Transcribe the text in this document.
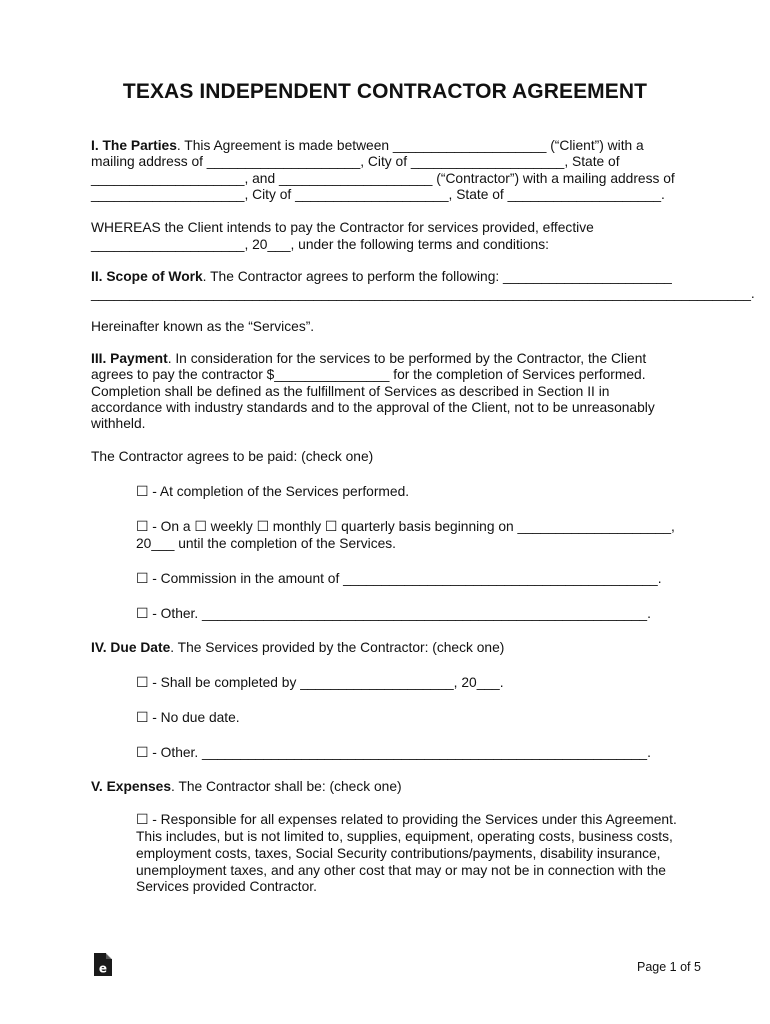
TEXAS INDEPENDENT CONTRACTOR AGREEMENT
I. The Parties. This Agreement is made between ____________________ (“Client”) with a
mailing address of ____________________, City of ____________________, State of
____________________, and ____________________ (“Contractor”) with a mailing address of
____________________, City of ____________________, State of ____________________.
WHEREAS the Client intends to pay the Contractor for services provided, effective
____________________, 20___, under the following terms and conditions:
II. Scope of Work. The Contractor agrees to perform the following: ______________________
______________________________________________________________________________________.
Hereinafter known as the “Services”.
III. Payment. In consideration for the services to be performed by the Contractor, the Client
agrees to pay the contractor $_______________ for the completion of Services performed.
Completion shall be defined as the fulfillment of Services as described in Section II in
accordance with industry standards and to the approval of the Client, not to be unreasonably
withheld.
The Contractor agrees to be paid: (check one)
☐ - At completion of the Services performed.
☐ - On a ☐ weekly ☐ monthly ☐ quarterly basis beginning on ____________________,
20___ until the completion of the Services.
☐ - Commission in the amount of _________________________________________.
☐ - Other. __________________________________________________________.
IV. Due Date. The Services provided by the Contractor: (check one)
☐ - Shall be completed by ____________________, 20___.
☐ - No due date.
☐ - Other. __________________________________________________________.
V. Expenses. The Contractor shall be: (check one)
☐ - Responsible for all expenses related to providing the Services under this Agreement.
This includes, but is not limited to, supplies, equipment, operating costs, business costs,
employment costs, taxes, Social Security contributions/payments, disability insurance,
unemployment taxes, and any other cost that may or may not be in connection with the
Services provided Contractor.
e	Page 1 of 5
